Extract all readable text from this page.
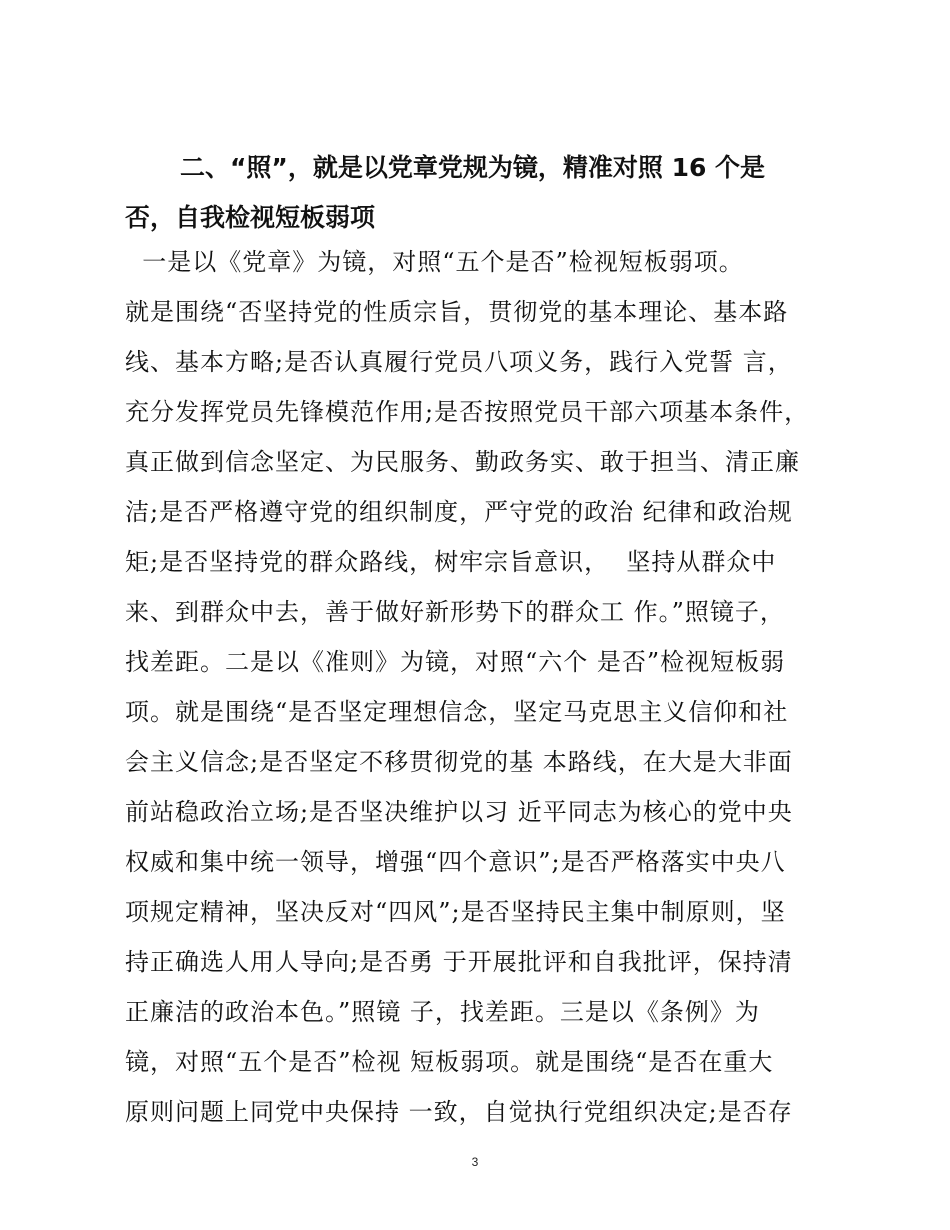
二、“照”，就是以党章党规为镜，精准对照 16 个是
否，自我检视短板弱项
一是以《党章》为镜，对照“五个是否”检视短板弱项。
就是围绕“否坚持党的性质宗旨，贯彻党的基本理论、基本路
线、基本方略;是否认真履行党员八项义务，践行入党誓 言，
充分发挥党员先锋模范作用;是否按照党员干部六项基本条件，
真正做到信念坚定、为民服务、勤政务实、敢于担当、清正廉
洁;是否严格遵守党的组织制度，严守党的政治 纪律和政治规
矩;是否坚持党的群众路线，树牢宗旨意识，  坚持从群众中
来、到群众中去，善于做好新形势下的群众工 作。”照镜子，
找差距。二是以《准则》为镜，对照“六个 是否”检视短板弱
项。就是围绕“是否坚定理想信念，坚定马克思主义信仰和社
会主义信念;是否坚定不移贯彻党的基 本路线，在大是大非面
前站稳政治立场;是否坚决维护以习 近平同志为核心的党中央
权威和集中统一领导，增强“四个意识”;是否严格落实中央八
项规定精神，坚决反对“四风”;是否坚持民主集中制原则，坚
持正确选人用人导向;是否勇 于开展批评和自我批评，保持清
正廉洁的政治本色。”照镜 子，找差距。三是以《条例》为
镜，对照“五个是否”检视 短板弱项。就是围绕“是否在重大
原则问题上同党中央保持 一致，自觉执行党组织决定;是否存
3
